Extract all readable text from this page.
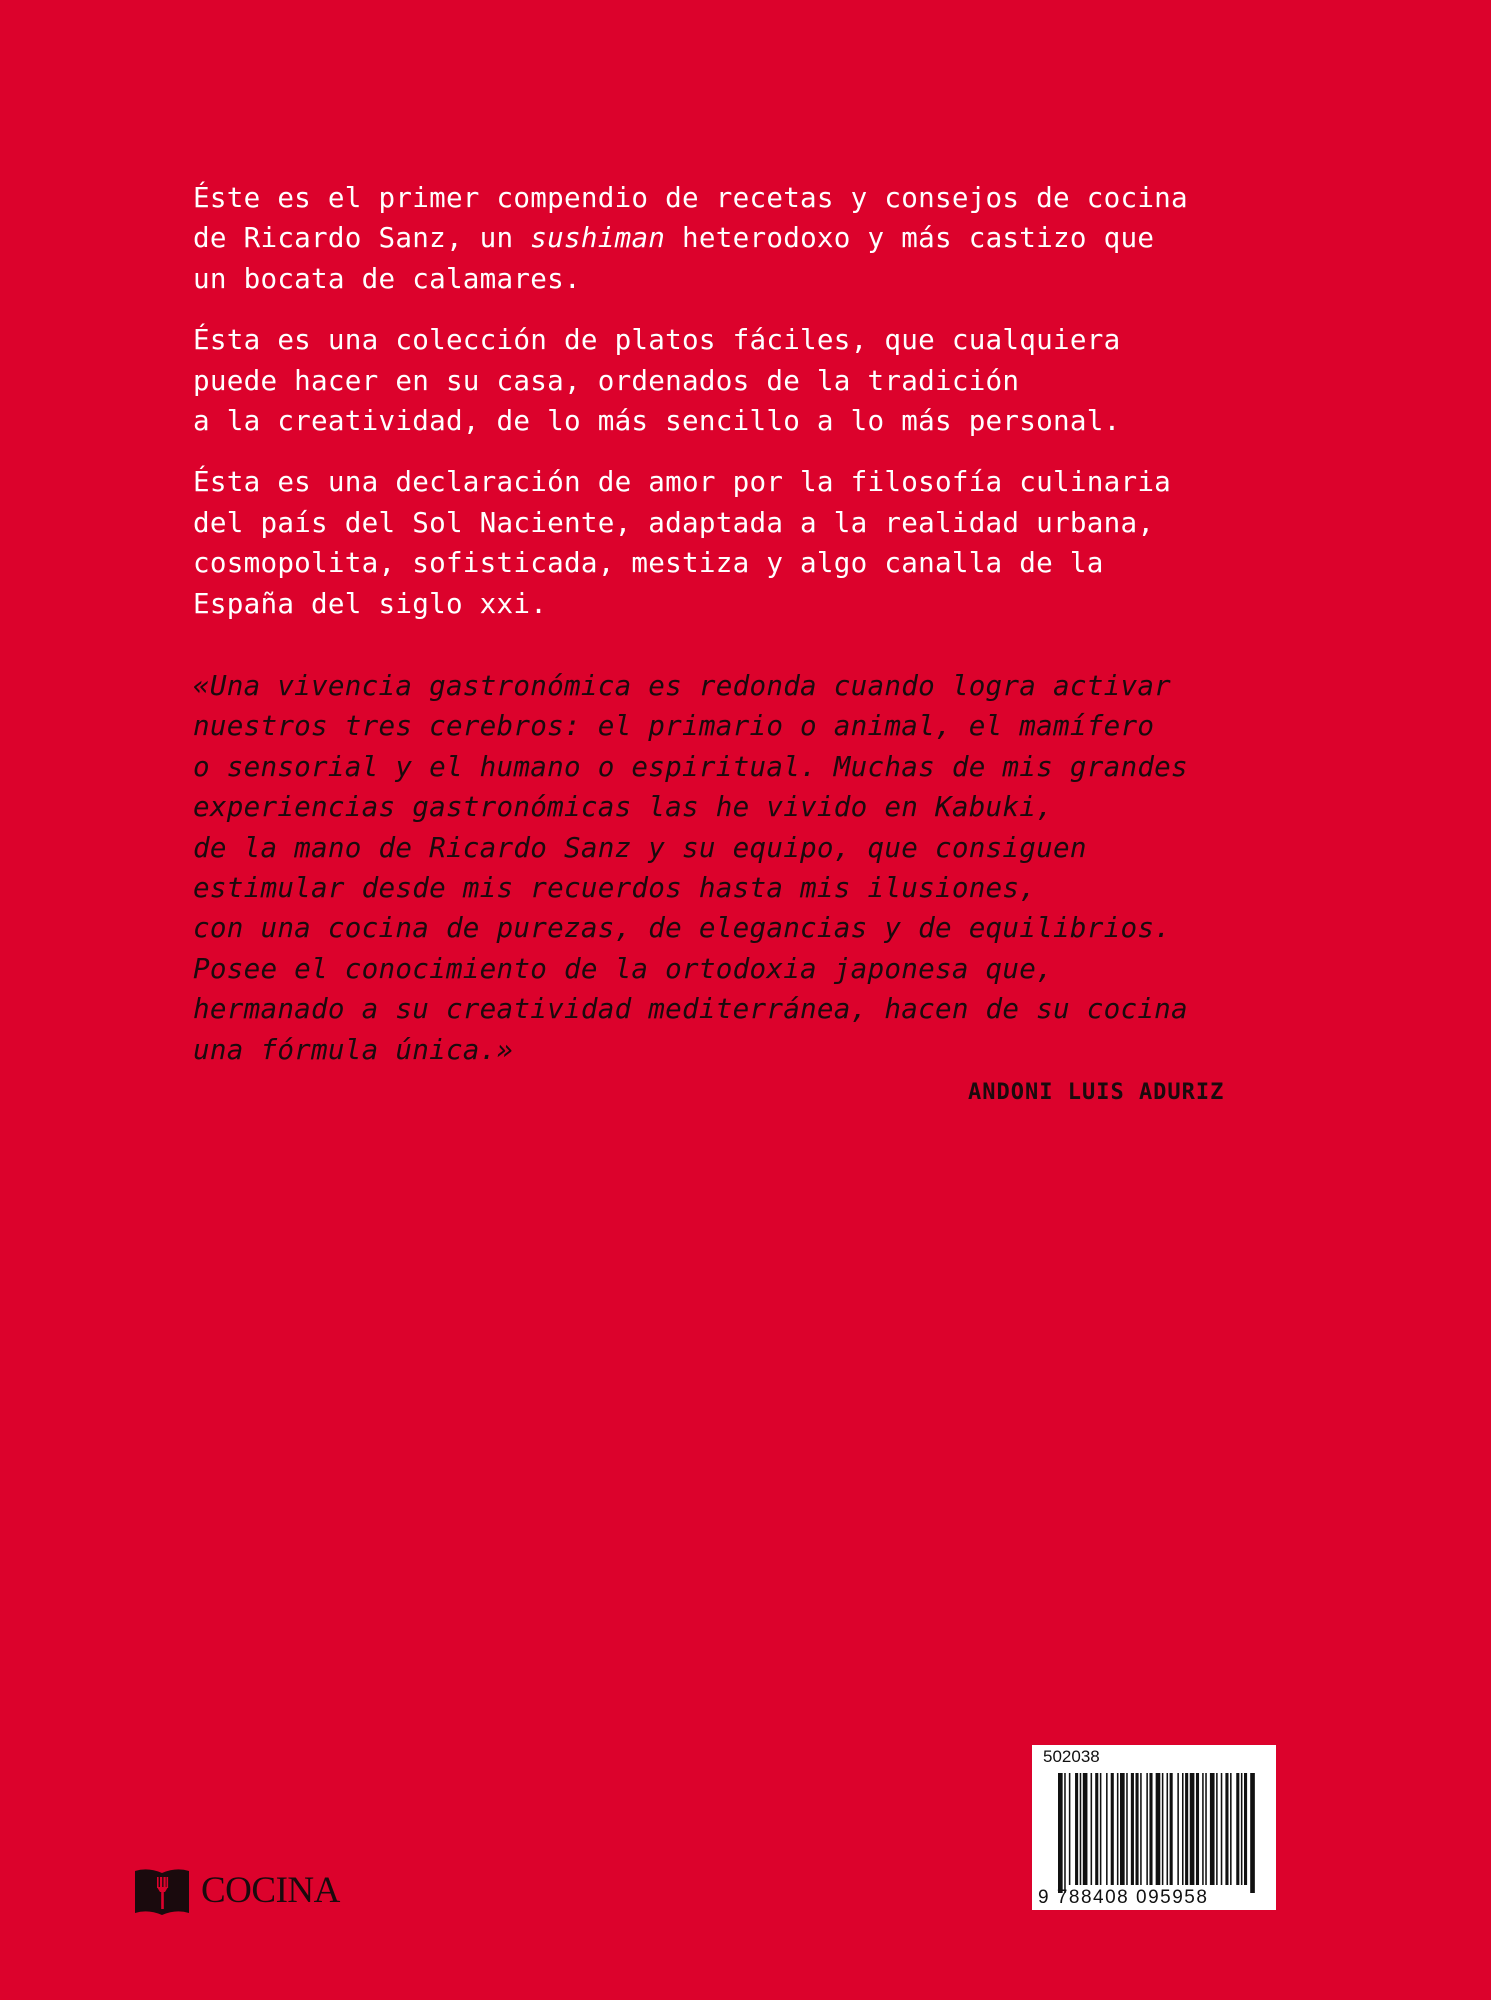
Éste es el primer compendio de recetas y consejos de cocina
de Ricardo Sanz, un sushiman heterodoxo y más castizo que
un bocata de calamares.
Ésta es una colección de platos fáciles, que cualquiera
puede hacer en su casa, ordenados de la tradición
a la creatividad, de lo más sencillo a lo más personal.
Ésta es una declaración de amor por la filosofía culinaria
del país del Sol Naciente, adaptada a la realidad urbana,
cosmopolita, sofisticada, mestiza y algo canalla de la
España del siglo xxi.
«Una vivencia gastronómica es redonda cuando logra activar
nuestros tres cerebros: el primario o animal, el mamífero
o sensorial y el humano o espiritual. Muchas de mis grandes
experiencias gastronómicas las he vivido en Kabuki,
de la mano de Ricardo Sanz y su equipo, que consiguen
estimular desde mis recuerdos hasta mis ilusiones,
con una cocina de purezas, de elegancias y de equilibrios.
Posee el conocimiento de la ortodoxia japonesa que,
hermanado a su creatividad mediterránea, hacen de su cocina
una fórmula única.»
ANDONI LUIS ADURIZ
COCINA
502038
9 788408 095958
